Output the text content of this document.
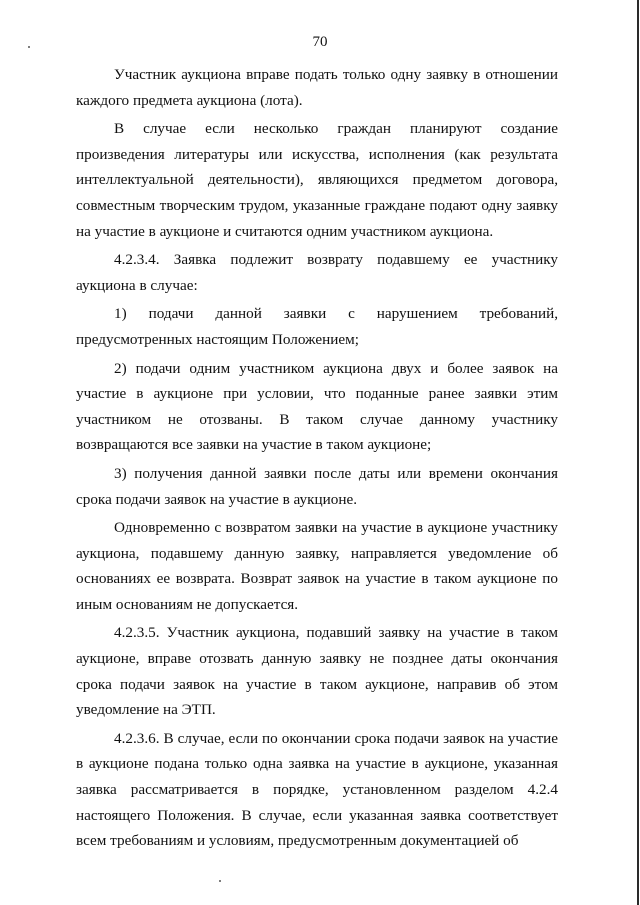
70

Участник аукциона вправе подать только одну заявку в отношении каждого предмета аукциона (лота).

В случае если несколько граждан планируют создание произведения литературы или искусства, исполнения (как результата интеллектуальной деятельности), являющихся предметом договора, совместным творческим трудом, указанные граждане подают одну заявку на участие в аукционе и считаются одним участником аукциона.

4.2.3.4. Заявка подлежит возврату подавшему ее участнику аукциона в случае:

1) подачи данной заявки с нарушением требований, предусмотренных настоящим Положением;

2) подачи одним участником аукциона двух и более заявок на участие в аукционе при условии, что поданные ранее заявки этим участником не отозваны. В таком случае данному участнику возвращаются все заявки на участие в таком аукционе;

3) получения данной заявки после даты или времени окончания срока подачи заявок на участие в аукционе.

Одновременно с возвратом заявки на участие в аукционе участнику аукциона, подавшему данную заявку, направляется уведомление об основаниях ее возврата. Возврат заявок на участие в таком аукционе по иным основаниям не допускается.

4.2.3.5. Участник аукциона, подавший заявку на участие в таком аукционе, вправе отозвать данную заявку не позднее даты окончания срока подачи заявок на участие в таком аукционе, направив об этом уведомление на ЭТП.

4.2.3.6. В случае, если по окончании срока подачи заявок на участие в аукционе подана только одна заявка на участие в аукционе, указанная заявка рассматривается в порядке, установленном разделом 4.2.4 настоящего Положения. В случае, если указанная заявка соответствует всем требованиям и условиям, предусмотренным документацией об
